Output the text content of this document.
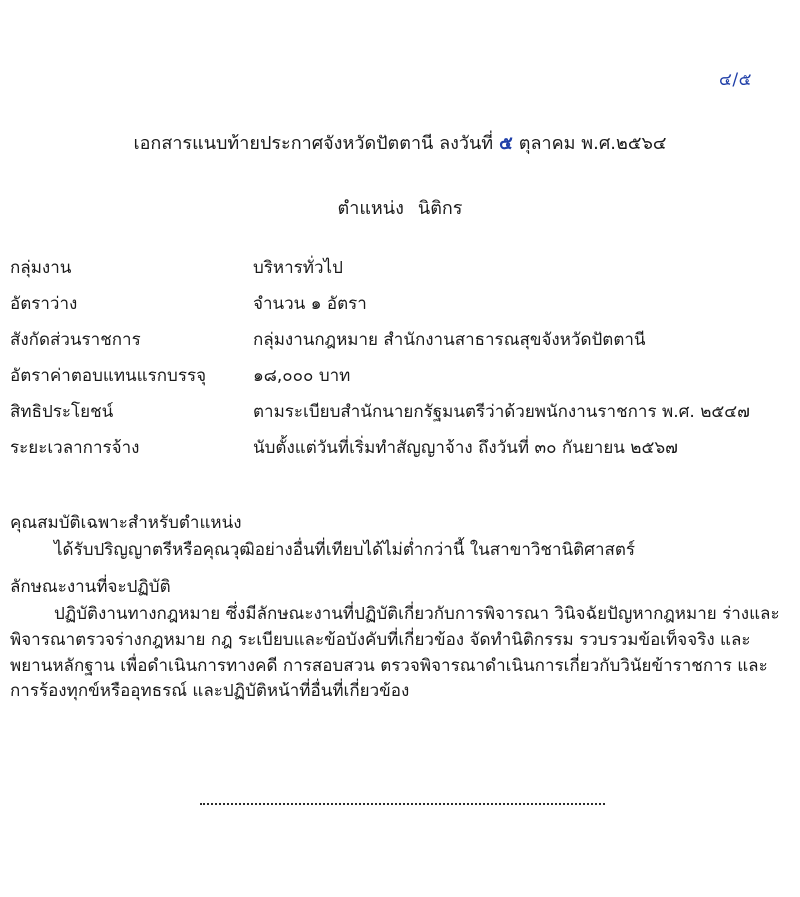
๔/๕
เอกสารแนบท้ายประกาศจังหวัดปัตตานี ลงวันที่ ๕ ตุลาคม พ.ศ.๒๕๖๔
ตำแหน่ง นิติกร
กลุ่มงาน	บริหารทั่วไป
อัตราว่าง	จำนวน ๑ อัตรา
สังกัดส่วนราชการ	กลุ่มงานกฎหมาย สำนักงานสาธารณสุขจังหวัดปัตตานี
อัตราค่าตอบแทนแรกบรรจุ	๑๘,๐๐๐ บาท
สิทธิประโยชน์	ตามระเบียบสำนักนายกรัฐมนตรีว่าด้วยพนักงานราชการ พ.ศ. ๒๕๔๗
ระยะเวลาการจ้าง	นับตั้งแต่วันที่เริ่มทำสัญญาจ้าง ถึงวันที่ ๓๐ กันยายน ๒๕๖๗

คุณสมบัติเฉพาะสำหรับตำแหน่ง

ได้รับปริญญาตรีหรือคุณวุฒิอย่างอื่นที่เทียบได้ไม่ต่ำกว่านี้ ในสาขาวิชานิติศาสตร์

ลักษณะงานที่จะปฏิบัติ

ปฏิบัติงานทางกฎหมาย ซึ่งมีลักษณะงานที่ปฏิบัติเกี่ยวกับการพิจารณา วินิจฉัยปัญหากฎหมาย ร่างและพิจารณาตรวจร่างกฎหมาย กฎ ระเบียบและข้อบังคับที่เกี่ยวข้อง จัดทำนิติกรรม รวบรวมข้อเท็จจริง และพยานหลักฐาน เพื่อดำเนินการทางคดี การสอบสวน ตรวจพิจารณาดำเนินการเกี่ยวกับวินัยข้าราชการ และการร้องทุกข์หรืออุทธรณ์ และปฏิบัติหน้าที่อื่นที่เกี่ยวข้อง
